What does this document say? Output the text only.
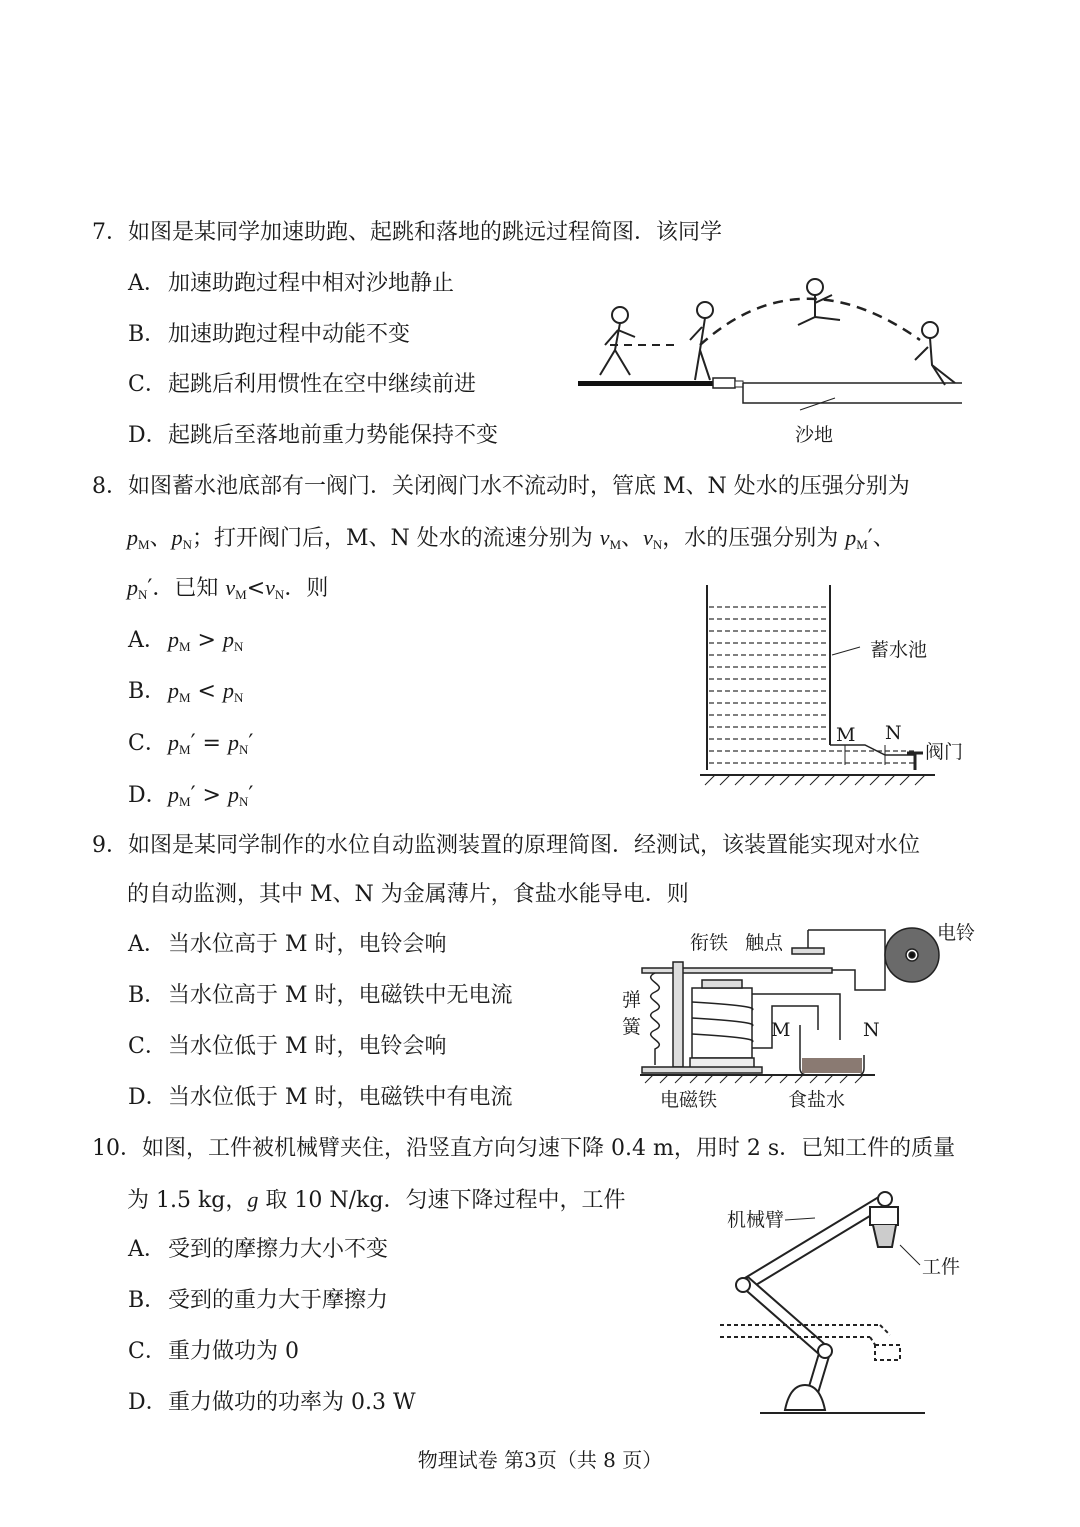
7．如图是某同学加速助跑、起跳和落地的跳远过程简图．该同学
A．加速助跑过程中相对沙地静止
B．加速助跑过程中动能不变
C．起跳后利用惯性在空中继续前进
D．起跳后至落地前重力势能保持不变	沙地
8．如图蓄水池底部有一阀门．关闭阀门水不流动时，管底 M、N 处水的压强分别为
$p_M$、$p_N$；打开阀门后，M、N 处水的流速分别为 $v_M$、$v_N$，水的压强分别为 $p_M'$、
$p_N'$．已知 $v_M<v_N$．则
A．$p_M > p_N$
B．$p_M < p_N$
C．$p_M' = p_N'$
D．$p_M' > p_N'$
蓄水池
M N
阀门
9．如图是某同学制作的水位自动监测装置的原理简图．经测试，该装置能实现对水位
的自动监测，其中 M、N 为金属薄片，食盐水能导电．则
A．当水位高于 M 时，电铃会响
B．当水位高于 M 时，电磁铁中无电流
C．当水位低于 M 时，电铃会响
D．当水位低于 M 时，电磁铁中有电流
衔铁 触点	电铃
弹
簧	M	N
电磁铁	食盐水
10．如图，工件被机械臂夹住，沿竖直方向匀速下降 0.4 m，用时 2 s．已知工件的质量
为 1.5 kg，g 取 10 N/kg．匀速下降过程中，工件
A．受到的摩擦力大小不变
B．受到的重力大于摩擦力
C．重力做功为 0
D．重力做功的功率为 0.3 W
机械臂
工件
物理试卷 第3页（共 8 页）
